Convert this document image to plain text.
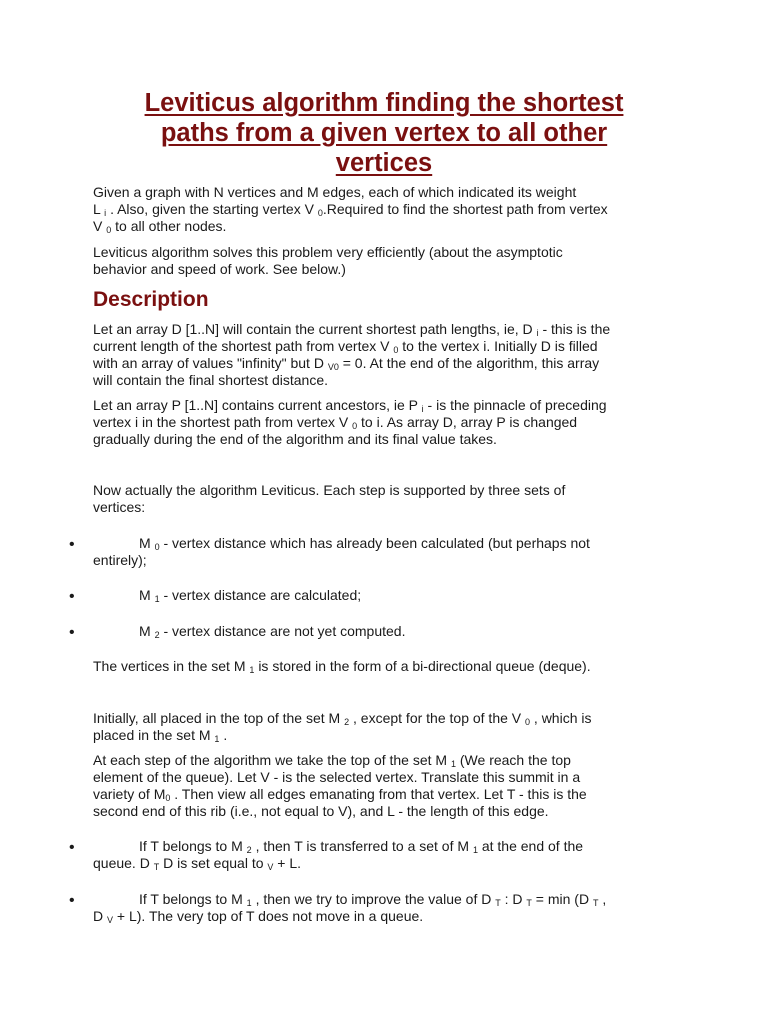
Leviticus algorithm finding the shortest
paths from a given vertex to all other
vertices
Given a graph with N vertices and M edges, each of which indicated its weight
L $_i$ . Also, given the starting vertex V $_0$.Required to find the shortest path from vertex
V $_0$ to all other nodes.
Leviticus algorithm solves this problem very efficiently (about the asymptotic
behavior and speed of work. See below.)
Description
Let an array D [1..N] will contain the current shortest path lengths, ie, D $_i$ - this is the
current length of the shortest path from vertex V $_0$ to the vertex i. Initially D is filled
with an array of values "infinity" but D $_{V0}$ = 0. At the end of the algorithm, this array
will contain the final shortest distance.
Let an array P [1..N] contains current ancestors, ie P $_i$ - is the pinnacle of preceding
vertex i in the shortest path from vertex V $_0$ to i. As array D, array P is changed
gradually during the end of the algorithm and its final value takes.
Now actually the algorithm Leviticus. Each step is supported by three sets of
vertices:
•	M $_0$ - vertex distance which has already been calculated (but perhaps not
entirely);
•	M $_1$ - vertex distance are calculated;
•	M $_2$ - vertex distance are not yet computed.
The vertices in the set M $_1$ is stored in the form of a bi-directional queue (deque).
Initially, all placed in the top of the set M $_2$ , except for the top of the V $_0$ , which is
placed in the set M $_1$ .
At each step of the algorithm we take the top of the set M $_1$ (We reach the top
element of the queue). Let V - is the selected vertex. Translate this summit in a
variety of $M_0$ . Then view all edges emanating from that vertex. Let T - this is the
second end of this rib (i.e., not equal to V), and L - the length of this edge.
•	If T belongs to M $_2$ , then T is transferred to a set of M $_1$ at the end of the
queue. D $_T$ D is set equal to $_V$ + L.
•	If T belongs to M $_1$ , then we try to improve the value of D $_T$ : D $_T$ = min (D $_T$ ,
D $_V$ + L). The very top of T does not move in a queue.
